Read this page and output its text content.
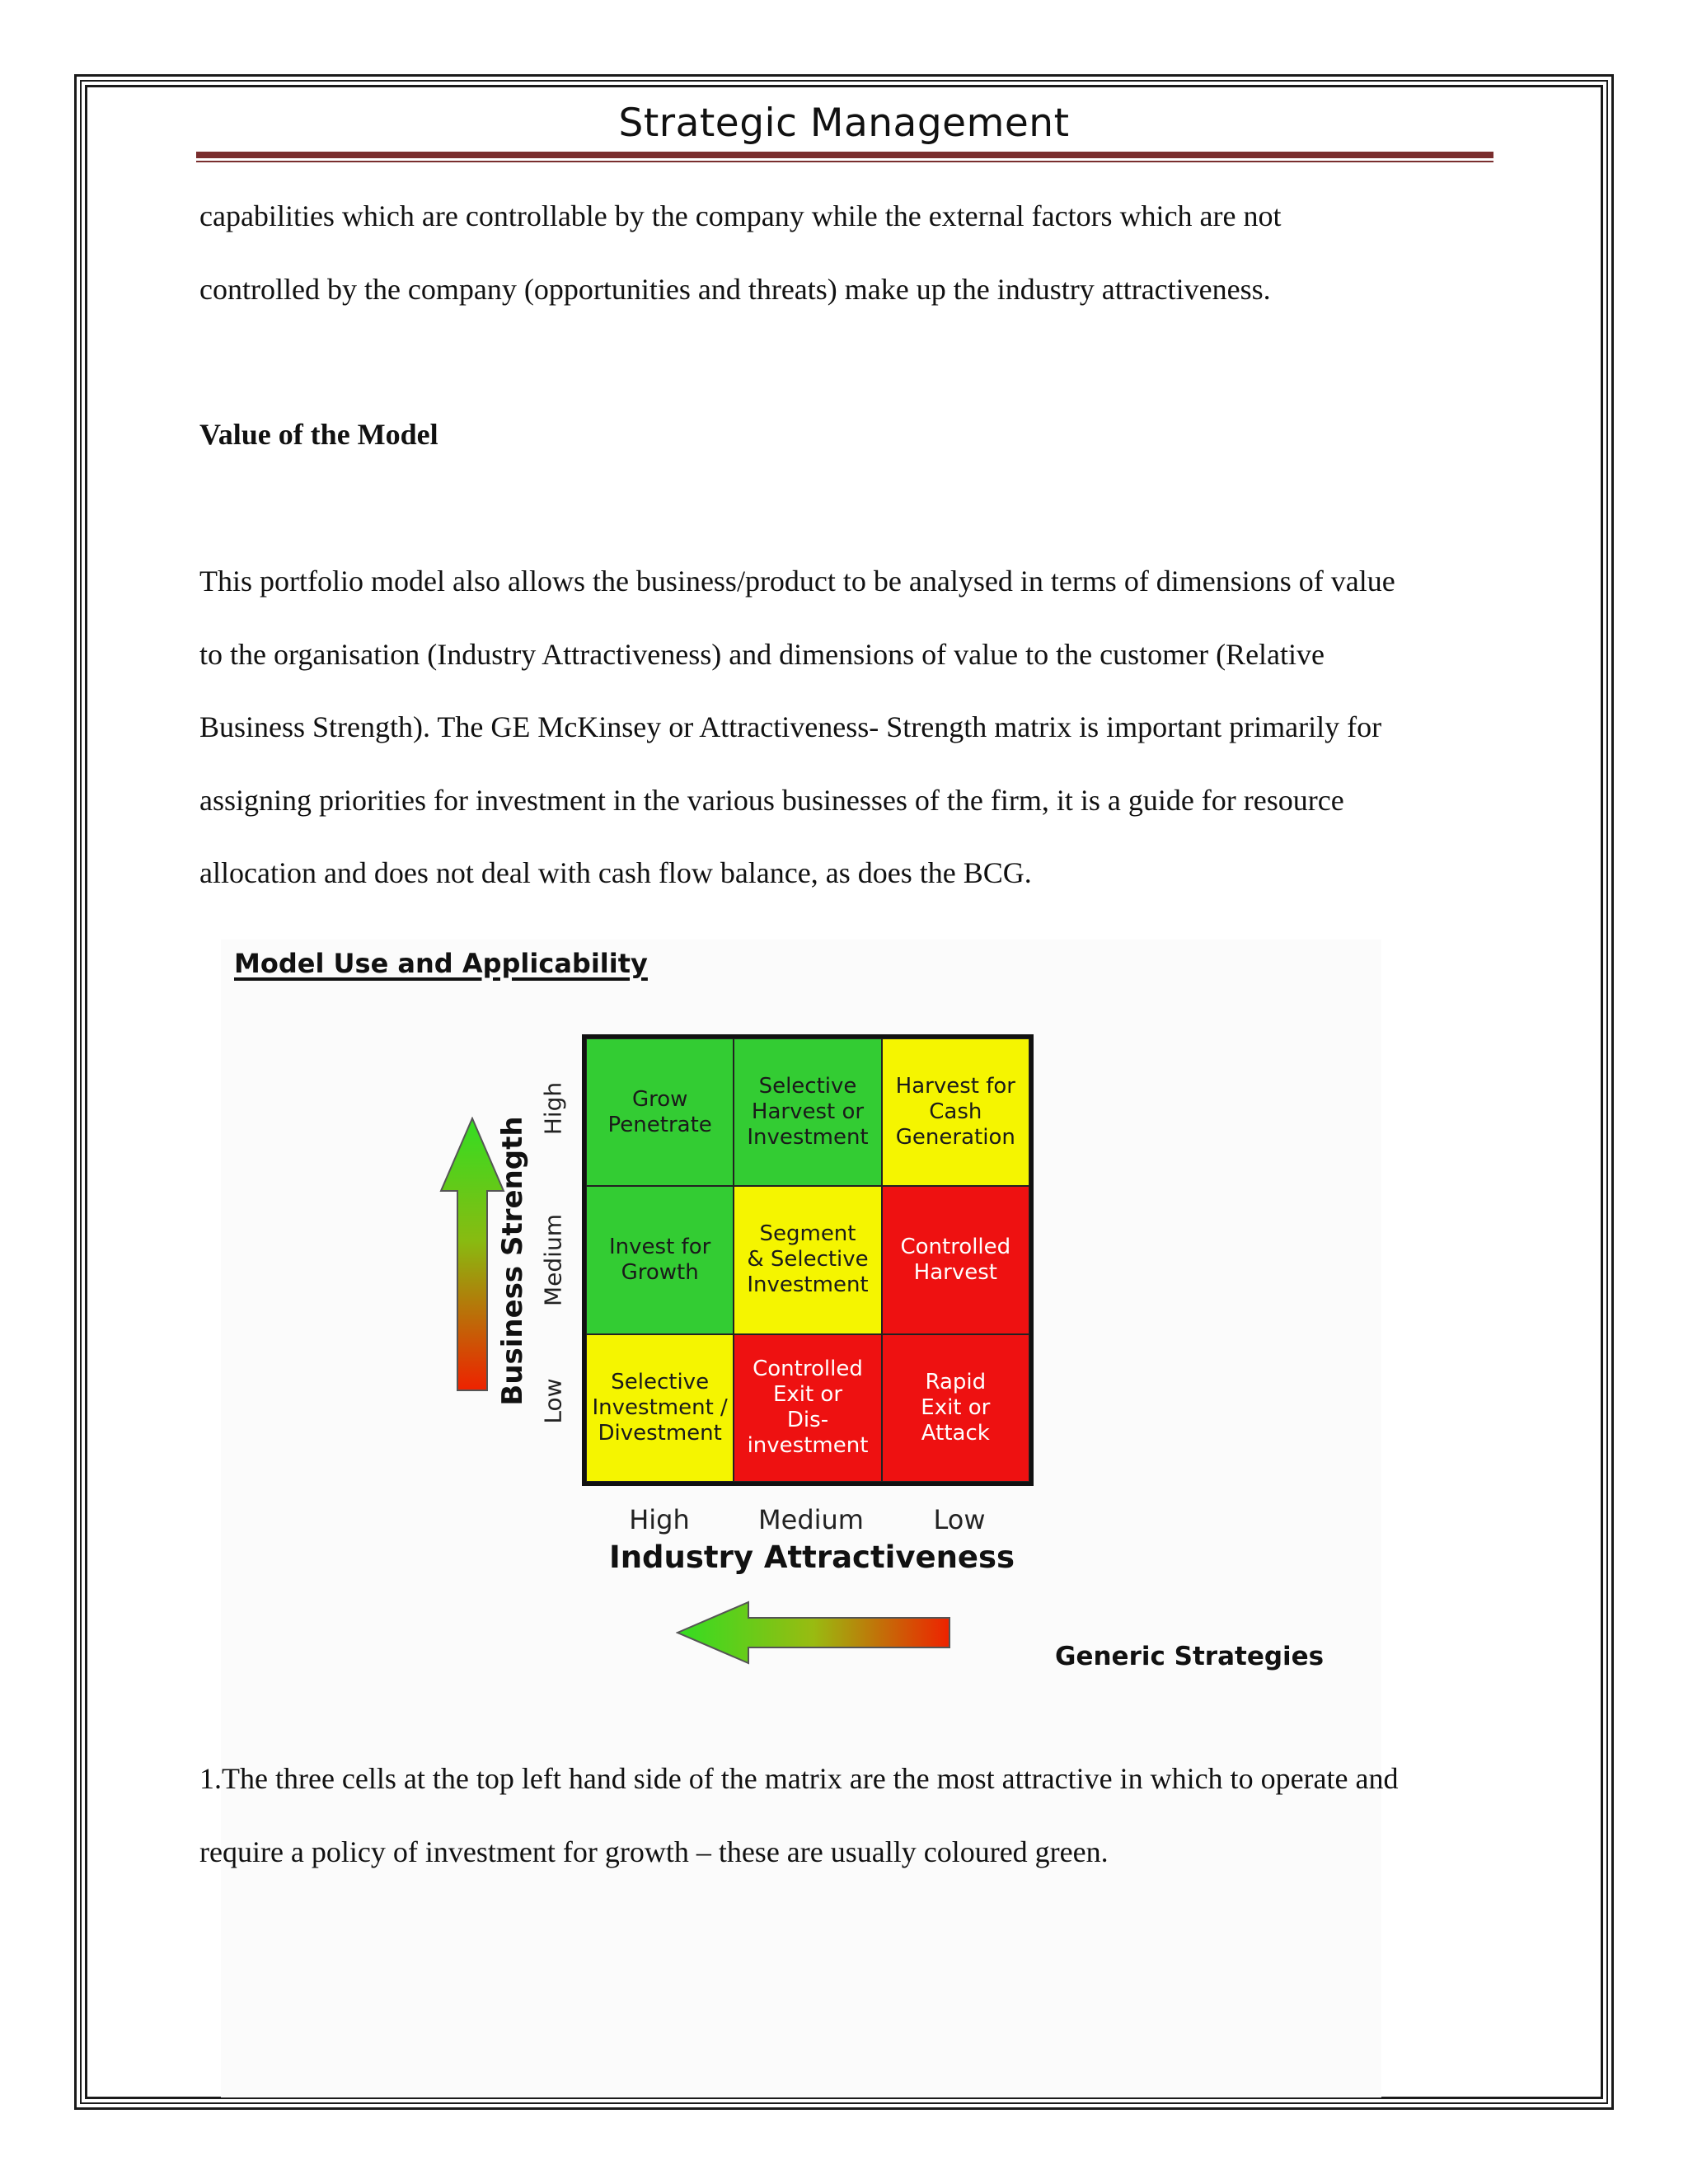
Strategic Management

capabilities which are controllable by the company while the external factors which are not
controlled by the company (opportunities and threats) make up the industry attractiveness.

Value of the Model

This portfolio model also allows the business/product to be analysed in terms of dimensions of value
to the organisation (Industry Attractiveness) and dimensions of value to the customer (Relative
Business Strength). The GE McKinsey or Attractiveness- Strength matrix is important primarily for
assigning priorities for investment in the various businesses of the firm, it is a guide for resource
allocation and does not deal with cash flow balance, as does the BCG.

Model Use and Applicability
Business Strength
High
Medium
Low
Grow
Penetrate
Selective
Harvest or
Investment
Harvest for
Cash
Generation
Invest for
Growth
Segment
& Selective
Investment
Controlled
Harvest
Selective
Investment /
Divestment
Controlled
Exit or
Dis-
investment
Rapid
Exit or
Attack
High	Medium	Low
Industry Attractiveness
Generic Strategies

1.The three cells at the top left hand side of the matrix are the most attractive in which to operate and
require a policy of investment for growth – these are usually coloured green.
